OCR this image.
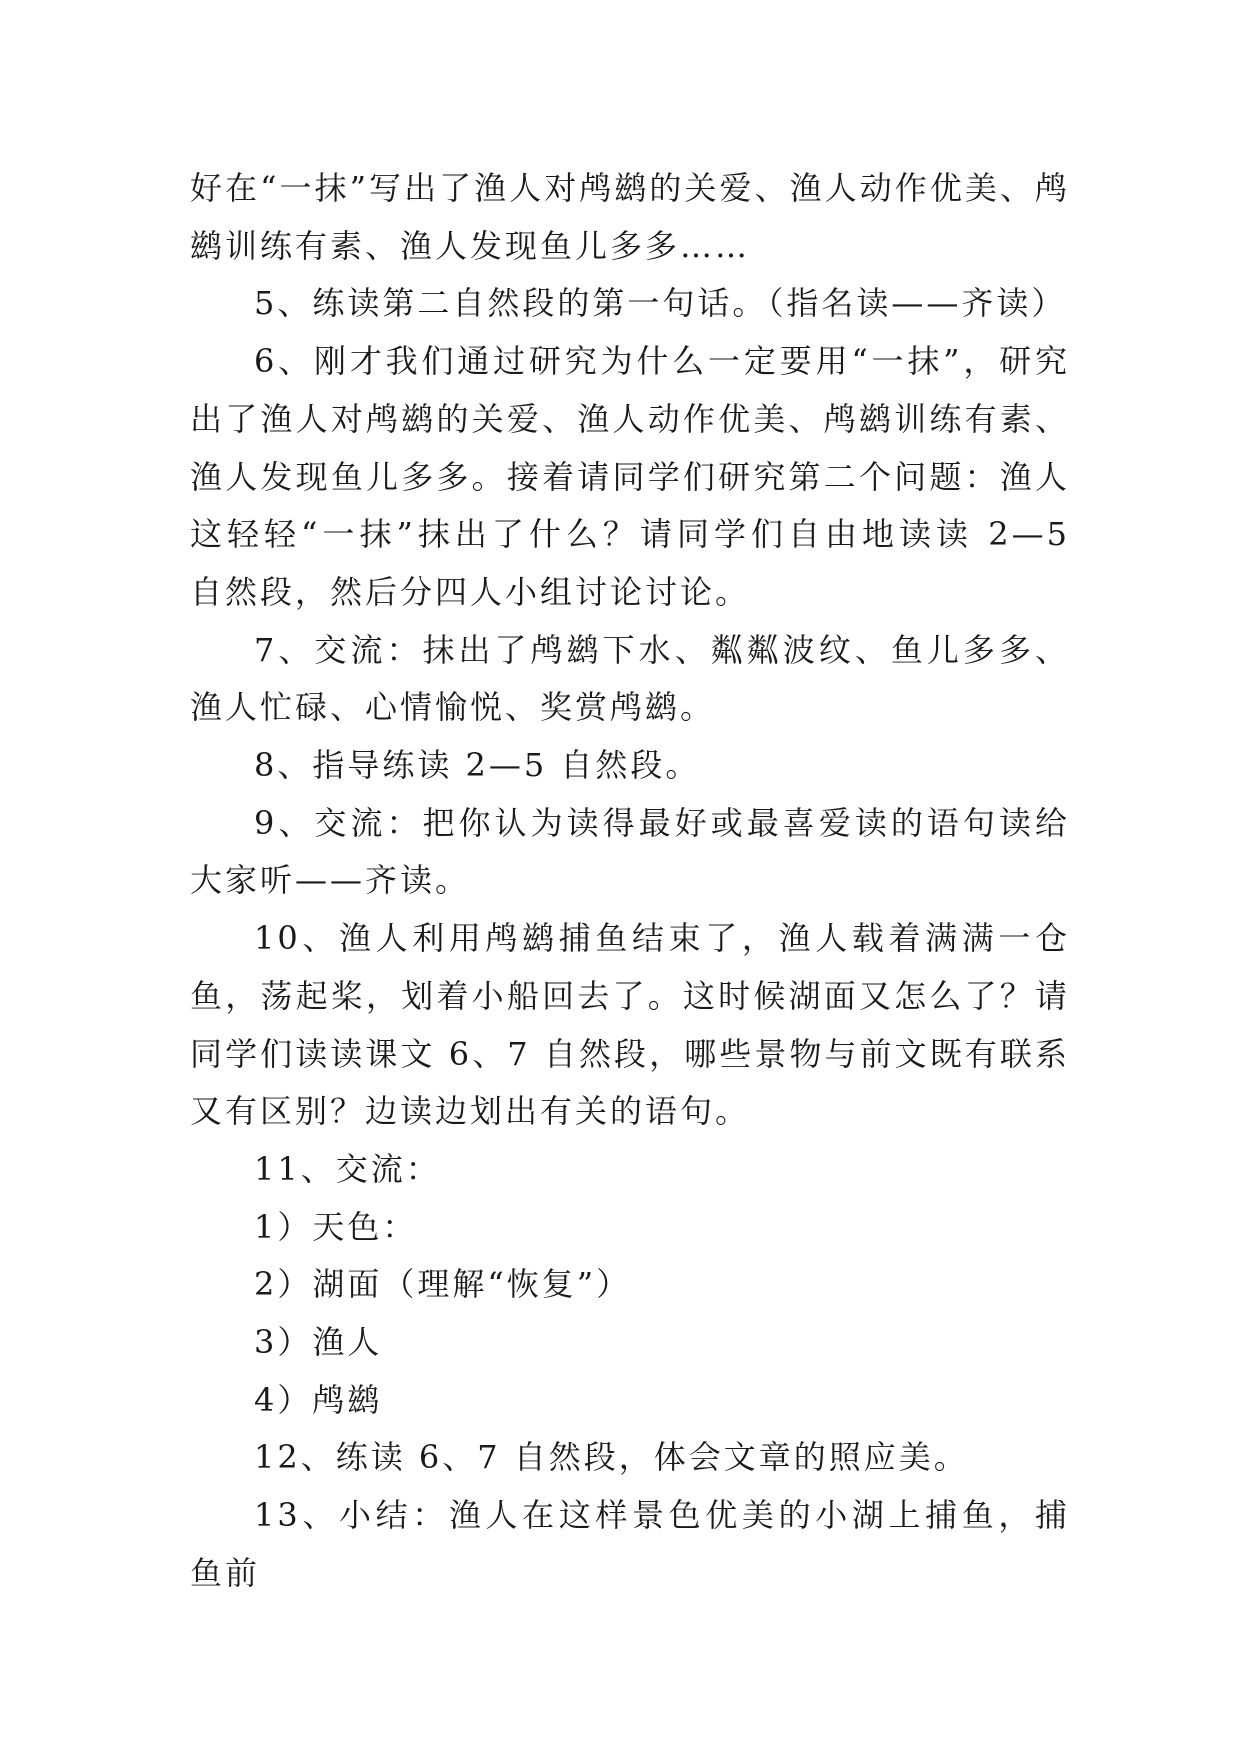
好在“一抹”写出了渔人对鸬鹚的关爱、渔人动作优美、鸬鹚训练有素、渔人发现鱼儿多多……

5、练读第二自然段的第一句话。（指名读——齐读）

6、刚才我们通过研究为什么一定要用“一抹”，研究出了渔人对鸬鹚的关爱、渔人动作优美、鸬鹚训练有素、渔人发现鱼儿多多。接着请同学们研究第二个问题：渔人这轻轻“一抹”抹出了什么？请同学们自由地读读 2—5 自然段，然后分四人小组讨论讨论。

7、交流：抹出了鸬鹚下水、粼粼波纹、鱼儿多多、渔人忙碌、心情愉悦、奖赏鸬鹚。

8、指导练读 2—5 自然段。

9、交流：把你认为读得最好或最喜爱读的语句读给大家听——齐读。

10、渔人利用鸬鹚捕鱼结束了，渔人载着满满一仓鱼，荡起桨，划着小船回去了。这时候湖面又怎么了？请同学们读读课文 6、7 自然段，哪些景物与前文既有联系又有区别？边读边划出有关的语句。

11、交流：

1）天色：

2）湖面（理解“恢复”）

3）渔人

4）鸬鹚

12、练读 6、7 自然段，体会文章的照应美。

13、小结：渔人在这样景色优美的小湖上捕鱼，捕鱼前
